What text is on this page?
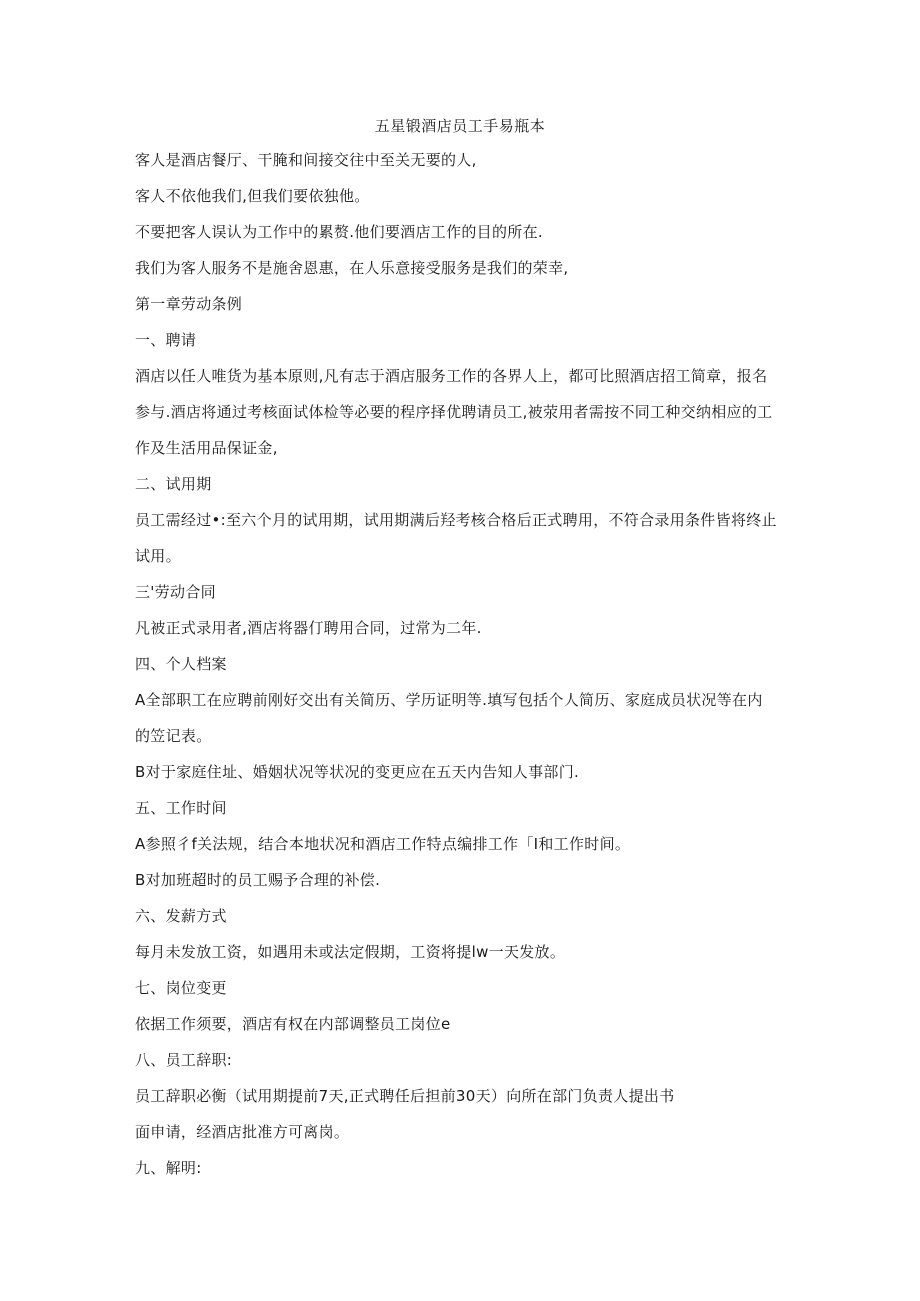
五星锻酒店员工手易瓶本

客人是酒店餐厅、干腌和间接交往中至关无要的人,

客人不依他我们,但我们要依独他。

不要把客人误认为工作中的累赘.他们要酒店工作的目的所在.

我们为客人服务不是施舍恩惠，在人乐意接受服务是我们的荣幸,

第一章劳动条例

一、聘请

酒店以任人唯货为基本原则,凡有志于酒店服务工作的各界人上，都可比照酒店招工简章，报名

参与.酒店将通过考核面试体检等必要的程序择优聘请员工,被荥用者需按不同工种交纳相应的工

作及生活用品保证金,

二、试用期

员工需经过•:至六个月的试用期，试用期满后羟考核合格后正式聘用，不符合录用条件皆将终止

试用。

三'劳动合同

凡被正式录用者,酒店将器仃聘用合同，过常为二年.

四、个人档案

A全部职工在应聘前刚好交出有关简历、学历证明等.填写包括个人简历、家庭成员状况等在内

的笠记表。

B对于家庭住址、婚姻状况等状况的变更应在五天内告知人事部门.

五、工作时间

A参照彳f关法规，结合本地状况和酒店工作特点编排工作「I和工作时间。

B对加班超时的员工赐予合理的补偿.

六、发薪方式

每月未发放工资，如遇用未或法定假期，工资将提lw一天发放。

七、岗位变更

依据工作须要，酒店有权在内部调整员工岗位e

八、员工辞职:

员工辞职必衡（试用期提前7天,正式聘任后担前30天）向所在部门负责人提出书

面申请，经酒店批准方可离岗。

九、解明:
